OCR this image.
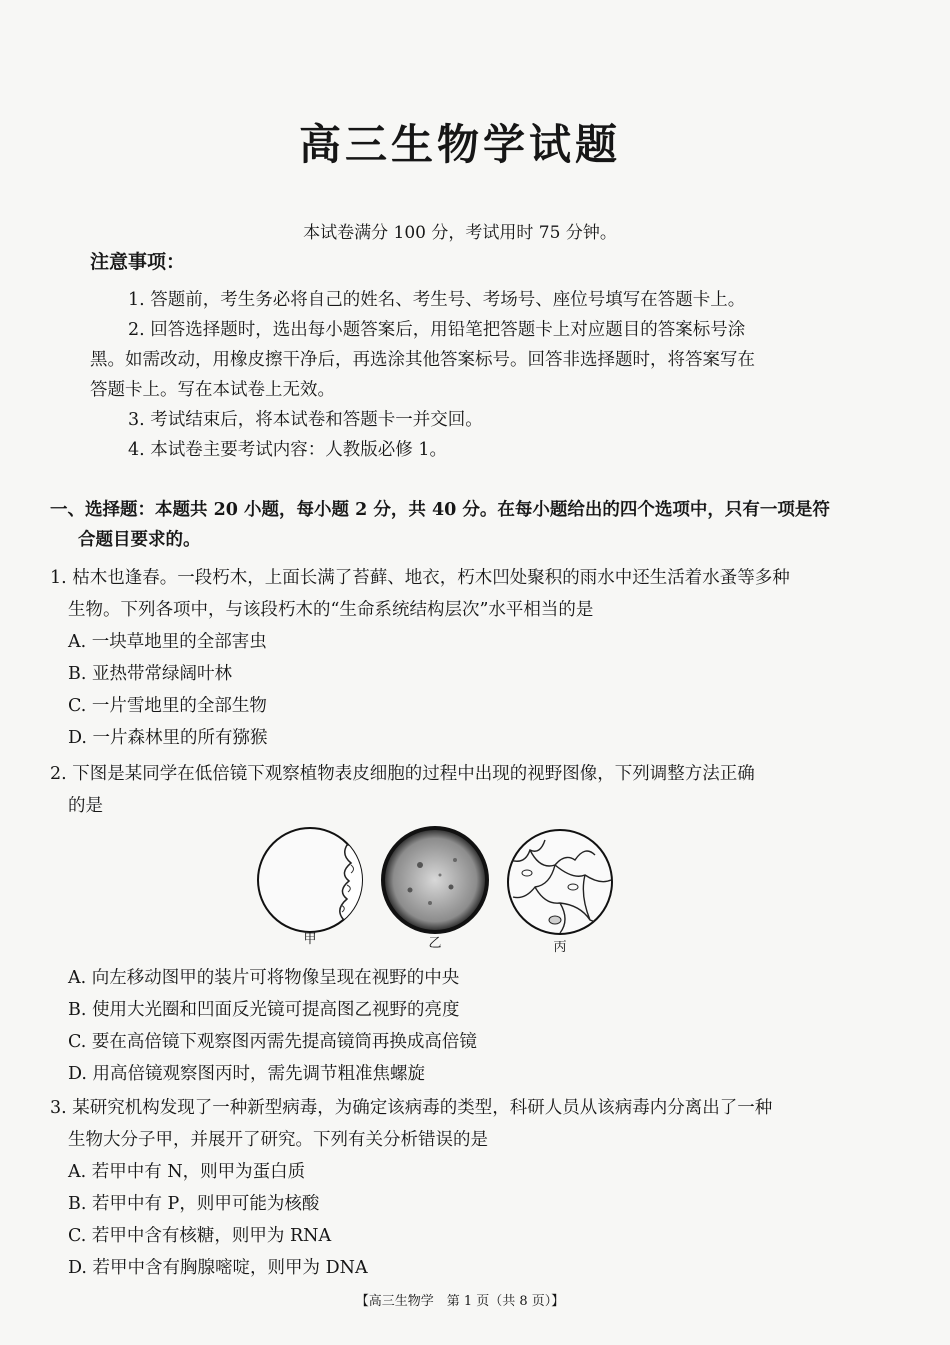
高三生物学试题
本试卷满分 100 分，考试用时 75 分钟。
注意事项：
1. 答题前，考生务必将自己的姓名、考生号、考场号、座位号填写在答题卡上。
2. 回答选择题时，选出每小题答案后，用铅笔把答题卡上对应题目的答案标号涂
黑。如需改动，用橡皮擦干净后，再选涂其他答案标号。回答非选择题时，将答案写在
答题卡上。写在本试卷上无效。
3. 考试结束后，将本试卷和答题卡一并交回。
4. 本试卷主要考试内容：人教版必修 1。
一、选择题：本题共 20 小题，每小题 2 分，共 40 分。在每小题给出的四个选项中，只有一项是符
合题目要求的。
1. 枯木也逢春。一段朽木，上面长满了苔藓、地衣，朽木凹处聚积的雨水中还生活着水蚤等多种
生物。下列各项中，与该段朽木的“生命系统结构层次”水平相当的是
A. 一块草地里的全部害虫
B. 亚热带常绿阔叶林
C. 一片雪地里的全部生物
D. 一片森林里的所有猕猴
2. 下图是某同学在低倍镜下观察植物表皮细胞的过程中出现的视野图像，下列调整方法正确
的是
甲	乙	丙
A. 向左移动图甲的装片可将物像呈现在视野的中央
B. 使用大光圈和凹面反光镜可提高图乙视野的亮度
C. 要在高倍镜下观察图丙需先提高镜筒再换成高倍镜
D. 用高倍镜观察图丙时，需先调节粗准焦螺旋
3. 某研究机构发现了一种新型病毒，为确定该病毒的类型，科研人员从该病毒内分离出了一种
生物大分子甲，并展开了研究。下列有关分析错误的是
A. 若甲中有 N，则甲为蛋白质
B. 若甲中有 P，则甲可能为核酸
C. 若甲中含有核糖，则甲为 RNA
D. 若甲中含有胸腺嘧啶，则甲为 DNA
【高三生物学　第 1 页（共 8 页）】
